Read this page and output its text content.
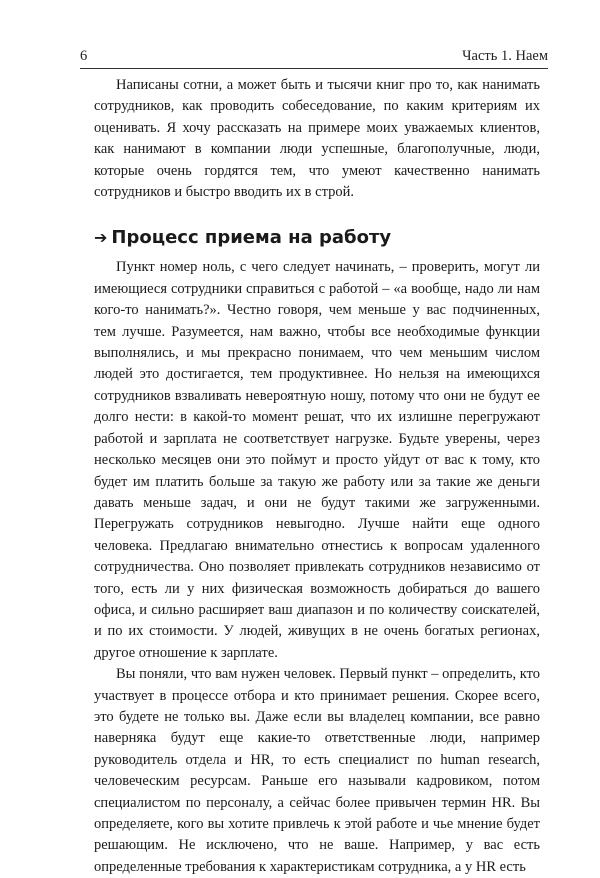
6	Часть 1. Наем

Написаны сотни, а может быть и тысячи книг про то, как нанимать сотрудников, как проводить собеседование, по каким критериям их оценивать. Я хочу рассказать на примере моих уважаемых клиентов, как нанимают в компании люди успешные, благополучные, люди, которые очень гордятся тем, что умеют качественно нанимать сотрудников и быстро вводить их в строй.

➔ Процесс приема на работу

Пункт номер ноль, с чего следует начинать, – проверить, могут ли имеющиеся сотрудники справиться с работой – «а вообще, надо ли нам кого-то нанимать?». Честно говоря, чем меньше у вас подчиненных, тем лучше. Разумеется, нам важно, чтобы все необходимые функции выполнялись, и мы прекрасно понимаем, что чем меньшим числом людей это достигается, тем продуктивнее. Но нельзя на имеющихся сотрудников взваливать невероятную ношу, потому что они не будут ее долго нести: в какой-то момент решат, что их излишне перегружают работой и зарплата не соответствует нагрузке. Будьте уверены, через несколько месяцев они это поймут и просто уйдут от вас к тому, кто будет им платить больше за такую же работу или за такие же деньги давать меньше задач, и они не будут такими же загруженными. Перегружать сотрудников невыгодно. Лучше найти еще одного человека. Предлагаю внимательно отнестись к вопросам удаленного сотрудничества. Оно позволяет привлекать сотрудников независимо от того, есть ли у них физическая возможность добираться до вашего офиса, и сильно расширяет ваш диапазон и по количеству соискателей, и по их стоимости. У людей, живущих в не очень богатых регионах, другое отношение к зарплате.

Вы поняли, что вам нужен человек. Первый пункт – определить, кто участвует в процессе отбора и кто принимает решения. Скорее всего, это будете не только вы. Даже если вы владелец компании, все равно наверняка будут еще какие-то ответственные люди, например руководитель отдела и HR, то есть специалист по human research, человеческим ресурсам. Раньше его называли кадровиком, потом специалистом по персоналу, а сейчас более привычен термин HR. Вы определяете, кого вы хотите привлечь к этой работе и чье мнение будет решающим. Не исключено, что не ваше. Например, у вас есть определенные требования к характеристикам сотрудника, а у HR есть
